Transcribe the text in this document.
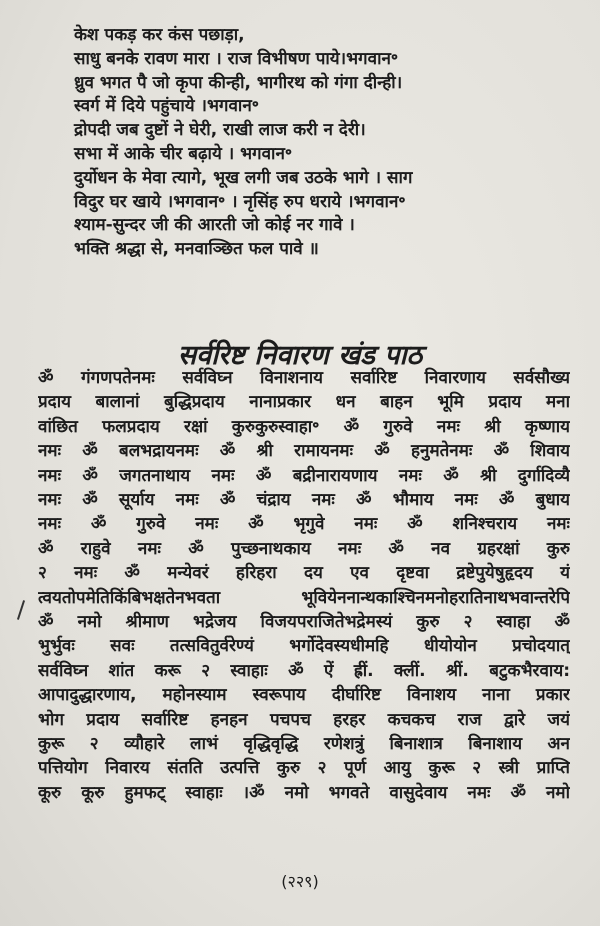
केश पकड़ कर कंस पछाड़ा,
साधु बनके रावण मारा । राज विभीषण पाये।भगवान॰
ध्रुव भगत पै जो कृपा कीन्ही, भागीरथ को गंगा दीन्ही।
स्वर्ग में दिये पहुंचाये ।भगवान॰
द्रोपदी जब दुष्टों ने घेरी, राखी लाज करी न देरी।
सभा में आके चीर बढ़ाये । भगवान॰
दुर्योधन के मेवा त्यागे, भूख लगी जब उठके भागे । साग
विदुर घर खाये ।भगवान॰ । नृसिंह रुप धराये ।भगवान॰
श्याम-सुन्दर जी की आरती जो कोई नर गावे ।
भक्ति श्रद्धा से, मनवाञ्छित फल पावे ॥
सर्वरिष्ट निवारण खंड पाठ
ॐ गंगणपतेनमः सर्वविघ्न विनाशनाय सर्वारिष्ट निवारणाय सर्वसौख्य
प्रदाय बालानां बुद्धिप्रदाय नानाप्रकार धन बाहन भूमि प्रदाय मना
वांछित फलप्रदाय रक्षां कुरुकुरुस्वाहा॰ ॐ गुरुवे नमः श्री कृष्णाय
नमः ॐ बलभद्रायनमः ॐ श्री रामायनमः ॐ हनुमतेनमः ॐ शिवाय
नमः ॐ जगतनाथाय नमः ॐ बद्रीनारायणाय नमः ॐ श्री दुर्गादिव्यै
नमः ॐ सूर्याय नमः ॐ चंद्राय नमः ॐ भौमाय नमः ॐ बुधाय
नमः ॐ गुरुवे नमः ॐ भृगुवे नमः ॐ शनिश्चराय नमः
ॐ राहुवे नमः ॐ पुच्छनाथकाय नमः ॐ नव ग्रहरक्षां कुरु
२ नमः ॐ मन्येवरं हरिहरा दय एव दृष्टवा द्रष्टेपुयेषुहृदय यं
त्वयतोपमेतिकिंबिभक्षतेनभवता भूवियेननान्थकाश्चिनमनोहरातिनाथभवान्तरेपि
ॐ नमो श्रीमाण भद्रेजय विजयपराजितेभद्रेमस्यं कुरु २ स्वाहा ॐ
भुर्भुवः सवः तत्सवितुर्वरेण्यं भर्गोदेवस्यधीमहि धीयोयोन प्रचोदयात्
सर्वविघ्न शांत करू २ स्वाहाः ॐ ऐं ह्रीं. क्लीं. श्रीं. बटुकभैरवाय:
आपादुद्धारणाय, महोनस्याम स्वरूपाय दीर्घारिष्ट विनाशय नाना प्रकार
भोग प्रदाय सर्वारिष्ट हनहन पचपच हरहर कचकच राज द्वारे जयं
कुरू २ व्यौहारे लाभं वृद्धिवृद्धि रणेशत्रुं बिनाशात्र बिनाशाय अन
पत्तियोग निवारय संतति उत्पत्ति कुरु २ पूर्ण आयु कुरू २ स्त्री प्राप्ति
कूरु कूरु हुमफट् स्वाहाः ।ॐ नमो भगवते वासुदेवाय नमः ॐ नमो
(२२९)
